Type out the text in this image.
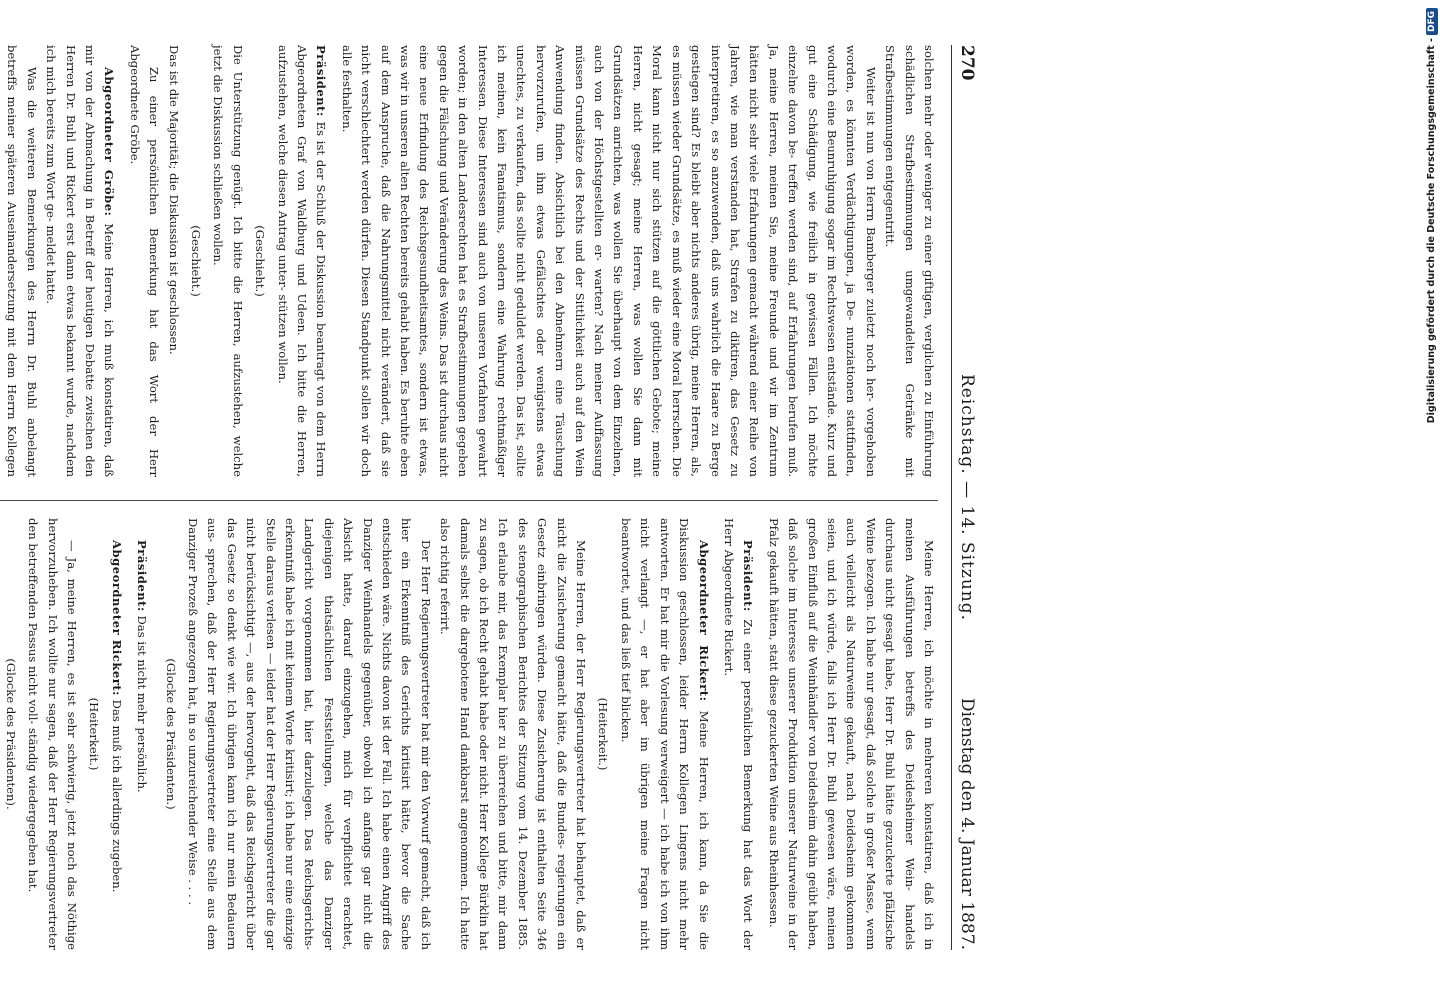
270
Reichstag. — 14. Sitzung.
Dienstag den 4. Januar 1887.

solchen mehr oder weniger zu einer giftigen, verglichen zu Einführung schädlichen Strafbestimmungen umgewandelten Getränke mit Strafbestimmungen entgegentritt.

Weiter ist nun von Herrn Bamberger zuletzt noch her- vorgehoben worden, es könnten Verdächtigungen, ja De- nunziationen stattfinden, wodurch eine Beunruhigung sogar im Rechtswesen entstände. Kurz und gut eine Schädigung, wie freilich in gewissen Fällen. Ich möchte einzelne davon be- treffen werden sind, auf Erfahrungen berufen muß. Ja, meine Herren, meinen Sie, meine Freunde und wir im Zentrum hätten nicht sehr viele Erfahrungen gemacht während einer Reihe von Jahren, wie man verstanden hat, Strafen zu diktiren, das Gesetz zu interpretiren, es so anzuwenden, daß uns wahrlich die Haare zu Berge gestiegen sind? Es bleibt aber nichts anderes übrig, meine Herren, als, es müssen wieder Grundsätze, es muß wieder eine Moral herrschen. Die Moral kann nicht nur sich stützen auf die göttlichen Gebote; meine Herren, nicht gesagt; meine Herren, was wollen Sie dann mit Grundsätzen anrichten, was wollen Sie überhaupt von dem Einzelnen, auch von der Höchstgestellten er- warten? Nach meiner Auffassung müssen Grundsätze des Rechts und der Sittlichkeit auch auf den Wein Anwendung finden. Absichtlich bei den Abnehmern eine Täuschung hervorzurufen, um ihm etwas Gefälschtes oder wenigstens etwas unechtes, zu verkaufen, das sollte nicht geduldet werden. Das ist, sollte ich meinen, kein Fanatismus, sondern eine Wahrung rechtmäßiger Interessen. Diese Interessen sind auch von unseren Vorfahren gewahrt worden; in den alten Landesrechten hat es Strafbestimmungen gegeben gegen die Fälschung und Veränderung des Weins. Das ist durchaus nicht eine neue Erfindung des Reichsgesundheitsamtes, sondern ist etwas, was wir in unseren alten Rechten bereits gehabt haben. Es beruhte eben auf dem Anspruche, daß die Nahrungsmittel nicht verändert, daß sie nicht verschlechtert werden dürfen. Diesen Standpunkt sollen wir doch alle festhalten.

Präsident: Es ist der Schluß der Diskussion beantragt von dem Herrn Abgeordneten Graf von Waldburg und Udeen. Ich bitte die Herren, aufzustehen, welche diesen Antrag unter- stützen wollen.

(Geschieht.)

Die Unterstützung genügt. Ich bitte die Herren, aufzustehen, welche jetzt die Diskussion schließen wollen.

(Geschieht.)

Das ist die Majorität; die Diskussion ist geschlossen.

Zu einer persönlichen Bemerkung hat das Wort der Herr Abgeordnete Gröbe.

Abgeordneter Gröbe: Meine Herren, ich muß konstatiren, daß mir von der Abmachung in Betreff der heutigen Debatte zwischen den Herren Dr. Buhl und Rickert erst dann etwas bekannt wurde, nachdem ich mich bereits zum Wort ge- meldet hatte.

Was die weiteren Bemerkungen des Herrn Dr. Buhl anbelangt betreffs meiner späteren Auseinandersetzung mit dem Herrn Kollegen

Meine Herren, ich möchte in mehreren konstatiren, daß ich in meinen Ausführungen betreffs des Deidesheimer Wein- handels durchaus nicht gesagt habe, Herr Dr. Buhl hätte gezuckerte pfälzische Weine bezogen. Ich habe nur gesagt, daß solche in großer Masse, wenn auch vielleicht als Naturweine gekauft, nach Deidesheim gekommen seien, und ich würde, falls ich Herr Dr. Buhl gewesen wäre, meinen großen Einfluß auf die Weinhändler von Deidesheim dahin geübt haben, daß solche im Interesse unserer Produktion unserer Naturweine in der Pfalz gekauft hätten, statt diese gezuckerten Weine aus Rheinhessen.

Präsident: Zu einer persönlichen Bemerkung hat das Wort der Herr Abgeordnete Rickert.

Abgeordneter Rickert: Meine Herren, ich kann, da Sie die Diskussion geschlossen, leider Herrn Kollegen Lingens nicht mehr antworten. Er hat mir die Vorlesung verweigert — ich habe ich von ihm nicht verlangt —, er hat aber im übrigen meine Fragen nicht beantwortet, und das ließ tief blicken.

(Heiterkeit.)

Meine Herren, der Herr Regierungsvertreter hat behauptet, daß er nicht die Zusicherung gemacht hätte, daß die Bundes- regierungen ein Gesetz einbringen würden. Diese Zusicherung ist enthalten Seite 346 des stenographischen Berichtes der Sitzung vom 14. Dezember 1885. Ich erlaube mir, das Exemplar hier zu überreichen und bitte, mir dann zu sagen, ob ich Recht gehabt habe oder nicht. Herr Kollege Bürklin hat damals selbst die dargebotene Hand dankbarst angenommen. Ich hatte also richtig referirt.

Der Herr Regierungsvertreter hat mir den Vorwurf gemacht, daß ich hier ein Erkenntniß des Gerichts kritisirt hätte, bevor die Sache entschieden wäre. Nichts davon ist der Fall. Ich habe einen Angriff des Danziger Weinhandels gegenüber, obwohl ich anfangs gar nicht die Absicht hatte, darauf einzugehen, mich für verpflichtet erachtet, diejenigen thatsächlichen Feststellungen, welche das Danziger Landgericht vorgenommen hat, hier darzulegen. Das Reichsgerichts- erkenntniß habe ich mit keinem Worte kritisirt; ich habe nur eine einzige Stelle daraus verlesen — leider hat der Herr Regierungsvertreter die gar nicht berücksichtigt —, aus der hervorgeht, daß das Reichsgericht über das Gesetz so denkt wie wir. Ich übrigen kann ich nur mein Bedauern aus- sprechen, daß der Herr Regierungsvertreter eine Stelle aus dem Danziger Prozeß angezogen hat, in so unzureichender Weise . . . .

(Glocke des Präsidenten.)

Präsident: Das ist nicht mehr persönlich.

Abgeordneter Rickert: Das muß ich allerdings zugeben.

(Heiterkeit.)

— Ja, meine Herren, es ist sehr schwierig, jetzt noch das Nöthige hervorzuheben. Ich wollte nur sagen, daß der Herr Regierungsvertreter den betreffenden Passus nicht voll- ständig wiedergegeben hat.

(Glocke des Präsidenten).

Digitalisierung gefördert durch die Deutsche Forschungsgemeinschaft -DFG
